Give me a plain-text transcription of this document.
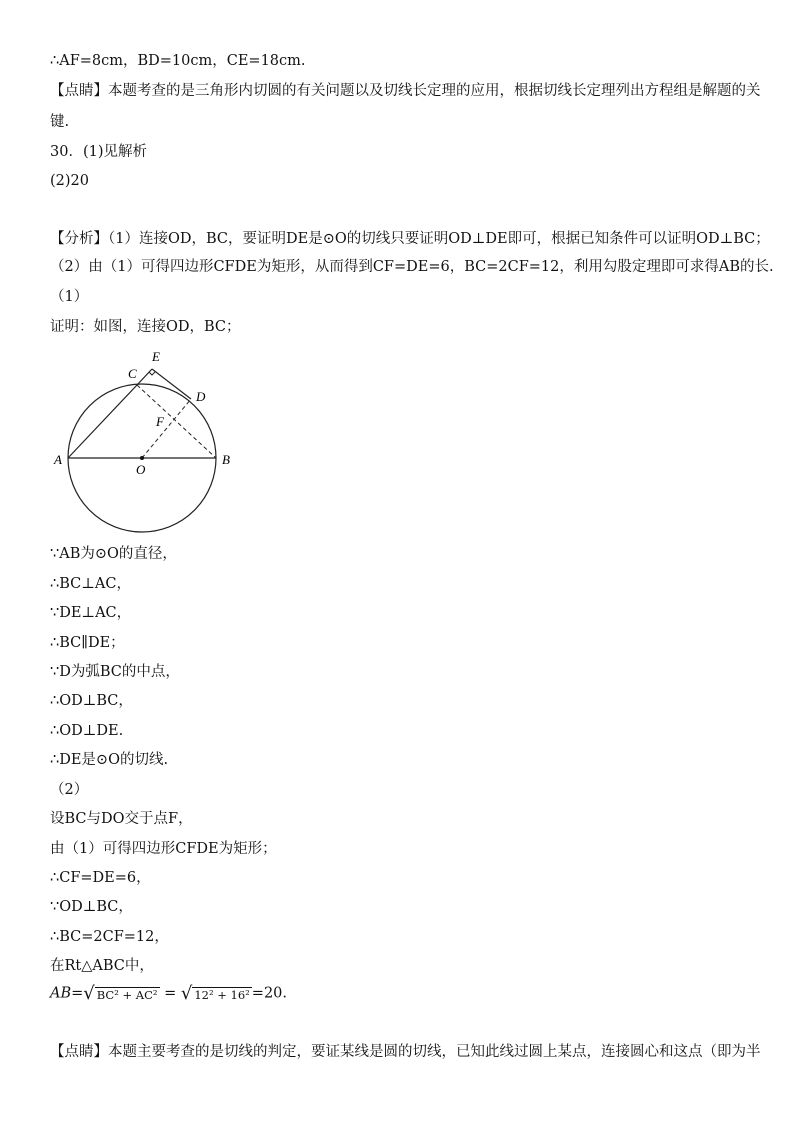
∴AF=8cm，BD=10cm，CE=18cm.
【点睛】本题考查的是三角形内切圆的有关问题以及切线长定理的应用，根据切线长定理列出方程组是解题的关
键.
30．(1)见解析
(2)20
【分析】（1）连接OD，BC，要证明DE是⊙O的切线只要证明OD⊥DE即可，根据已知条件可以证明OD⊥BC；
（2）由（1）可得四边形CFDE为矩形，从而得到CF=DE=6，BC=2CF=12，利用勾股定理即可求得AB的长.
（1）
证明：如图，连接OD，BC；
A	B
C
D
E
F
O
∵AB为⊙O的直径，
∴BC⊥AC，
∵DE⊥AC，
∴BC∥DE；
∵D为弧BC的中点，
∴OD⊥BC，
∴OD⊥DE.
∴DE是⊙O的切线.
（2）
设BC与DO交于点F，
由（1）可得四边形CFDE为矩形；
∴CF=DE=6，
∵OD⊥BC，
∴BC=2CF=12，
在Rt△ABC中，
AB=√ BC² + AC² = √ 12² + 16² =20.
【点睛】本题主要考查的是切线的判定，要证某线是圆的切线，已知此线过圆上某点，连接圆心和这点（即为半
